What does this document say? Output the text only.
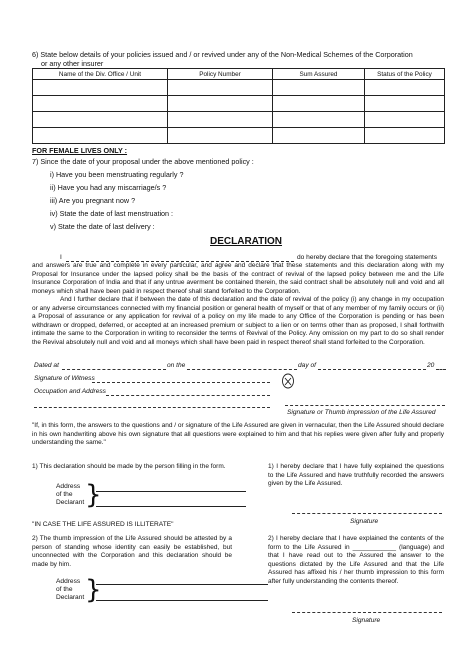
6) State below details of your policies issued and / or revived under any of the Non-Medical Schemes of the Corporation
or any other insurer
Name of the Div. Office / Unit	Policy Number	Sum Assured	Status of the Policy

FOR FEMALE LIVES ONLY :
7) Since the date of your proposal under the above mentioned policy :
i) Have you been menstruating regularly ?
ii) Have you had any miscarriage/s ?
iii) Are you pregnant now ?
iv) State the date of last menstruation :
v) State the date of last delivery :
DECLARATION
I	do hereby declare that the foregoing statements
and answers are true and complete in every particular, and agree and declare that these statements and this declaration along with my Proposal for Insurance under the lapsed policy shall be the basis of the contract of revival of the lapsed policy between me and the Life Insurance Corporation of India and that if any untrue averment be contained therein, the said contract shall be absolutely null and void and all moneys which shall have been paid in respect thereof shall stand forfeited to the Corporation.
And I further declare that if between the date of this declaration and the date of revival of the policy (i) any change in my occupation or any adverse circumstances connected with my financial position or general health of myself or that of any member of my family occurs or (ii) a Proposal of assurance or any application for revival of a policy on my life made to any Office of the Corporation is pending or has been withdrawn or dropped, deferred, or accepted at an increased premium or subject to a lien or on terms other than as proposed, I shall forthwith intimate the same to the Corporation in writing to reconsider the terms of Revival of the Policy. Any omission on my part to do so shall render the Revival absolutely null and void and all moneys which shall have been paid in respect thereof shall stand forfeited to the Corporation.
Dated at	on the	day of	20
Signature of Witness
Occupation and Address
Signature or Thumb impression of the Life Assured
"If, in this form, the answers to the questions and / or signature of the Life Assured are given in vernacular, then the Life Assured should declare in his own handwriting above his own signature that all questions were explained to him and that his replies were given after fully and properly understanding the same."
1) This declaration should be made by the person filling in the form.
Address
of the
Declarant }
1) I hereby declare that I have fully explained the questions to the Life Assured and have truthfully recorded the answers given by the Life Assured.
Signature
"IN CASE THE LIFE ASSURED IS ILLITERATE"
2) The thumb impression of the Life Assured should be attested by a person of standing whose identity can easily be established, but unconnected with the Corporation and this declaration should be made by him.
Address
of the
Declarant }
2) I hereby declare that I have explained the contents of the form to the Life Assured in ____________ (language) and that I have read out to the Assured the answer to the questions dictated by the Life Assured and that the Life Assured has affixed his / her thumb impression to this form after fully understanding the contents thereof.
Signature
